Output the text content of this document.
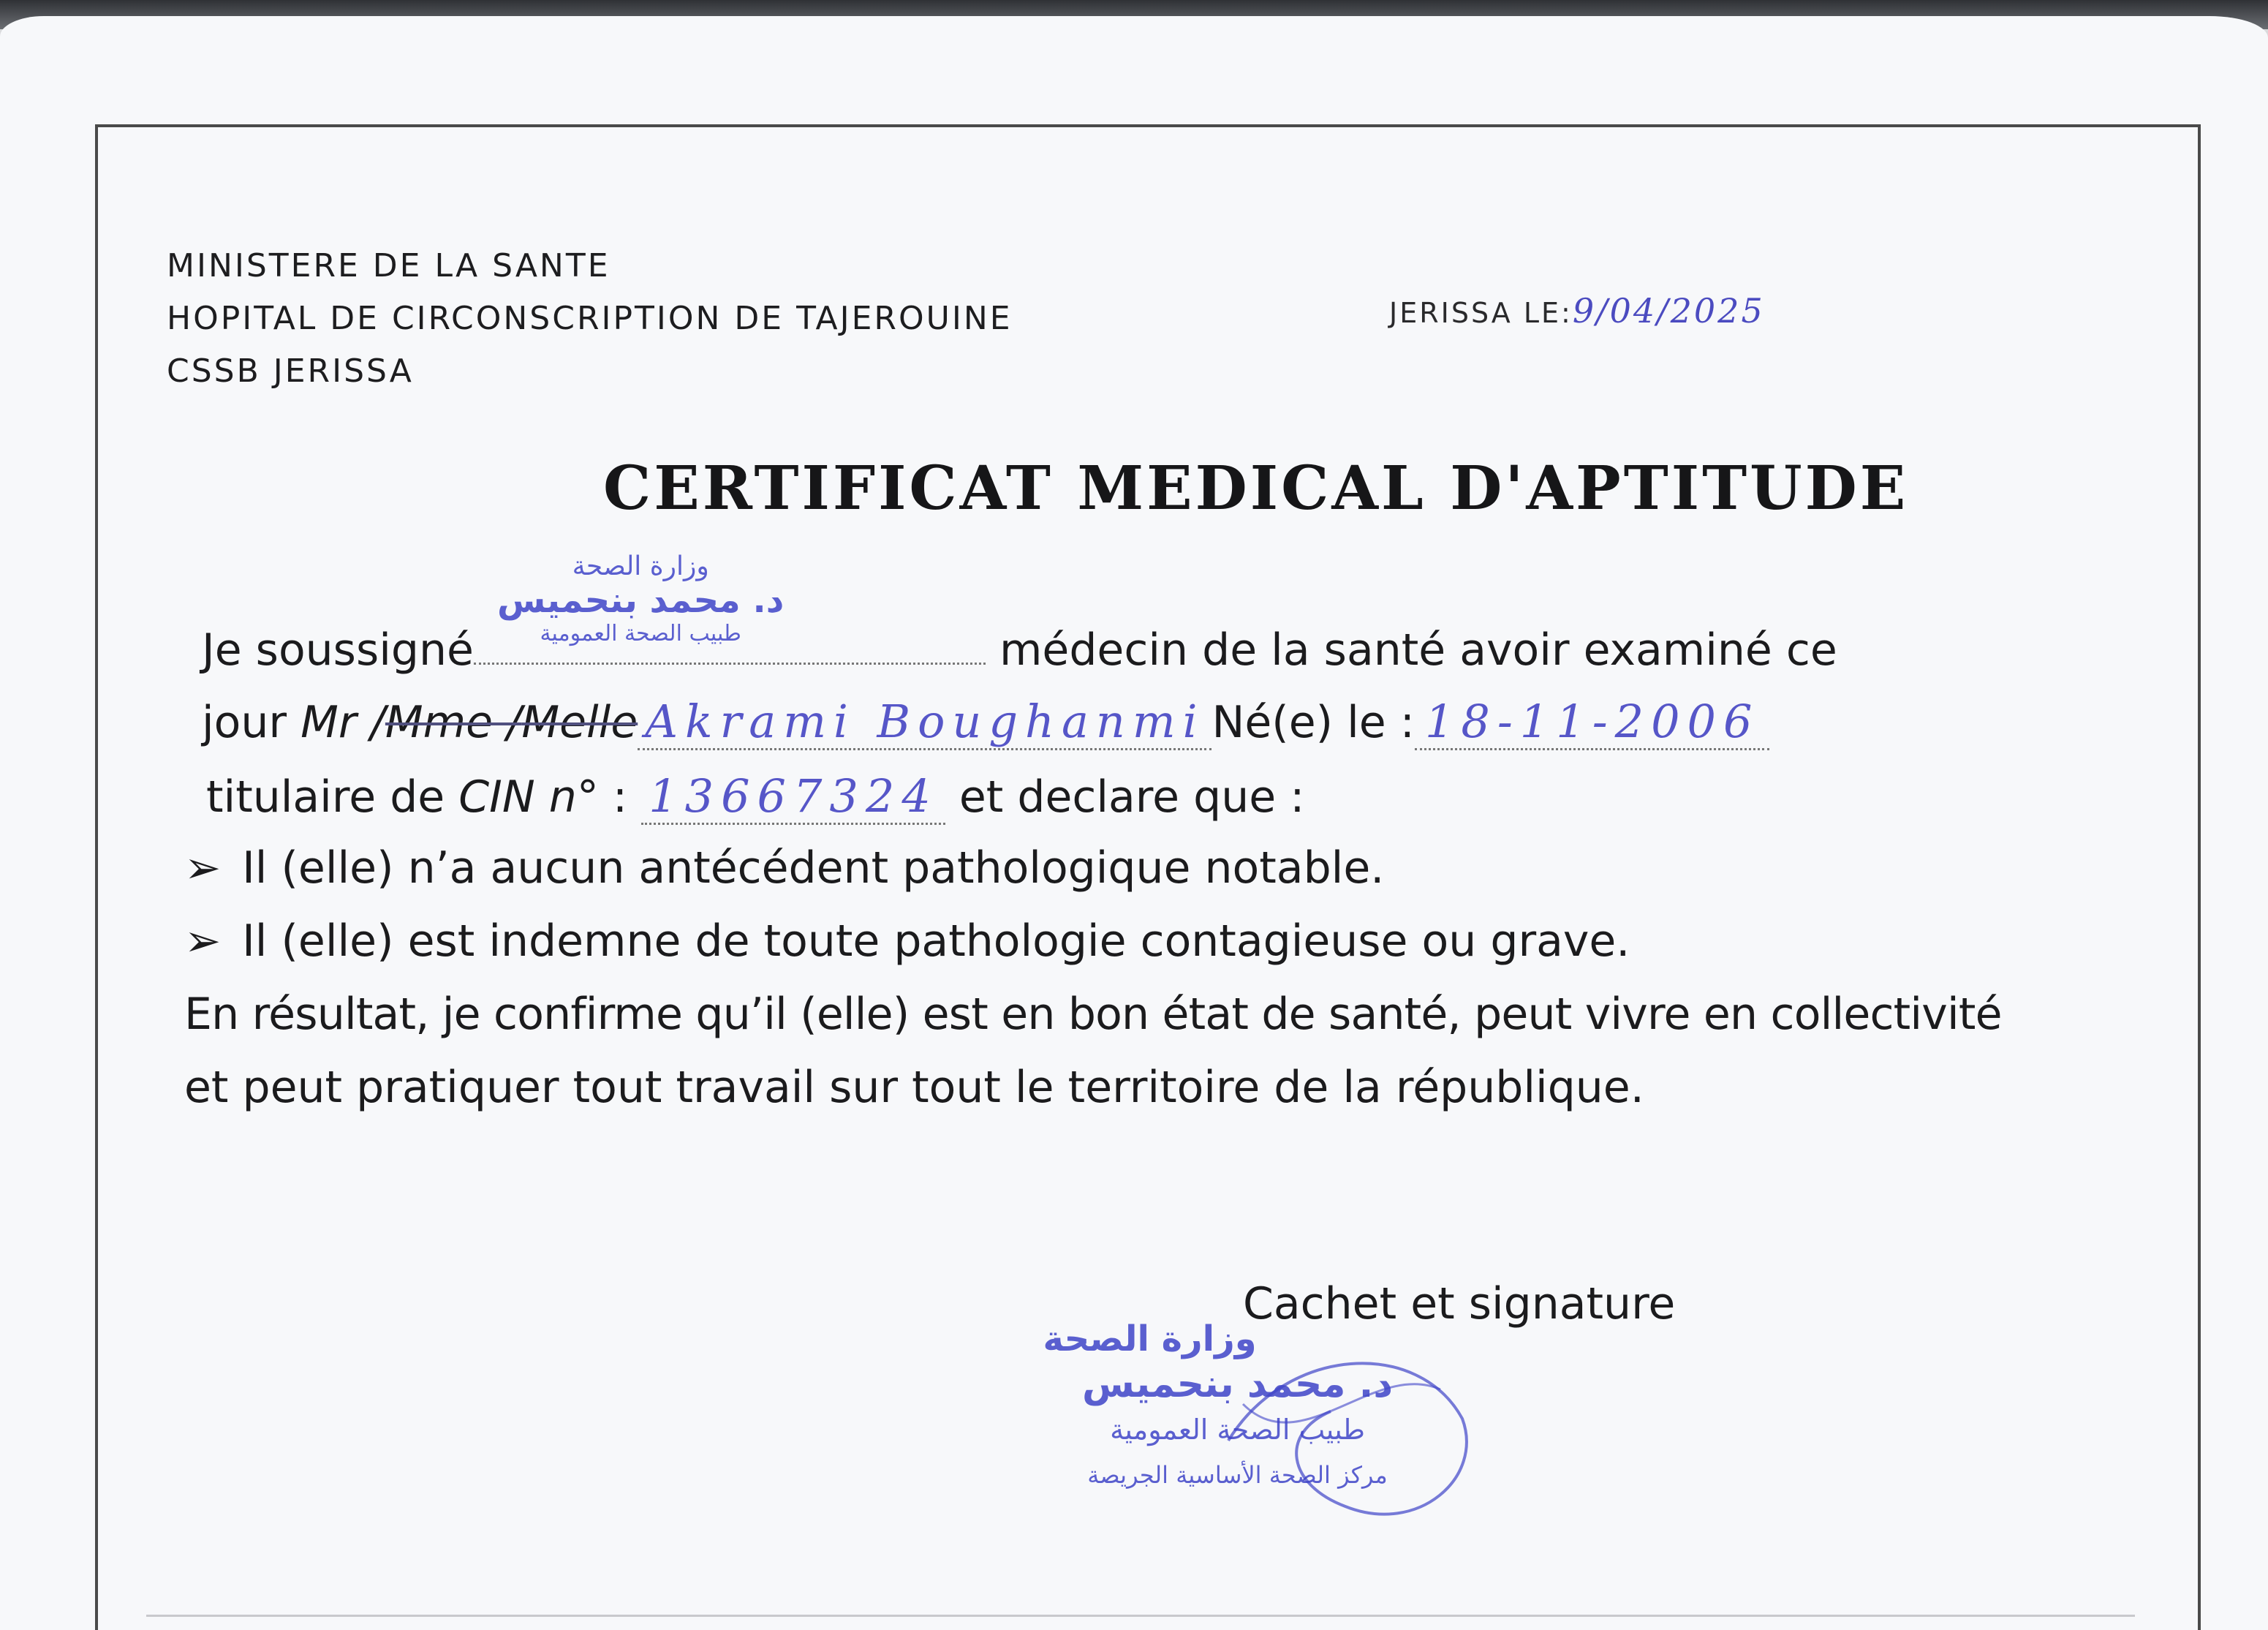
MINISTERE DE LA SANTE
HOPITAL DE CIRCONSCRIPTION DE TAJEROUINE
CSSB JERISSA
JERISSA LE:9/04/2025
CERTIFICAT MEDICAL D'APTITUDE
وزارة الصحة
د. محمد بنحميس
طبيب الصحة العمومية
Je soussigné	médecin de la santé avoir examiné ce
jour Mr /Mme /Melle Akrami Boughanmi Né(e) le : 18-11-2006
titulaire de CIN n° : 13667324 et declare que :
➢ Il (elle) n’a aucun antécédent pathologique notable.
➢ Il (elle) est indemne de toute pathologie contagieuse ou grave.
En résultat, je confirme qu’il (elle) est en bon état de santé, peut vivre en collectivité
et peut pratiquer tout travail sur tout le territoire de la république.
Cachet et signature
وزارة الصحة
د. محمد بنحميس
طبيب الصحة العمومية
مركز الصحة الأساسية الجريصة
